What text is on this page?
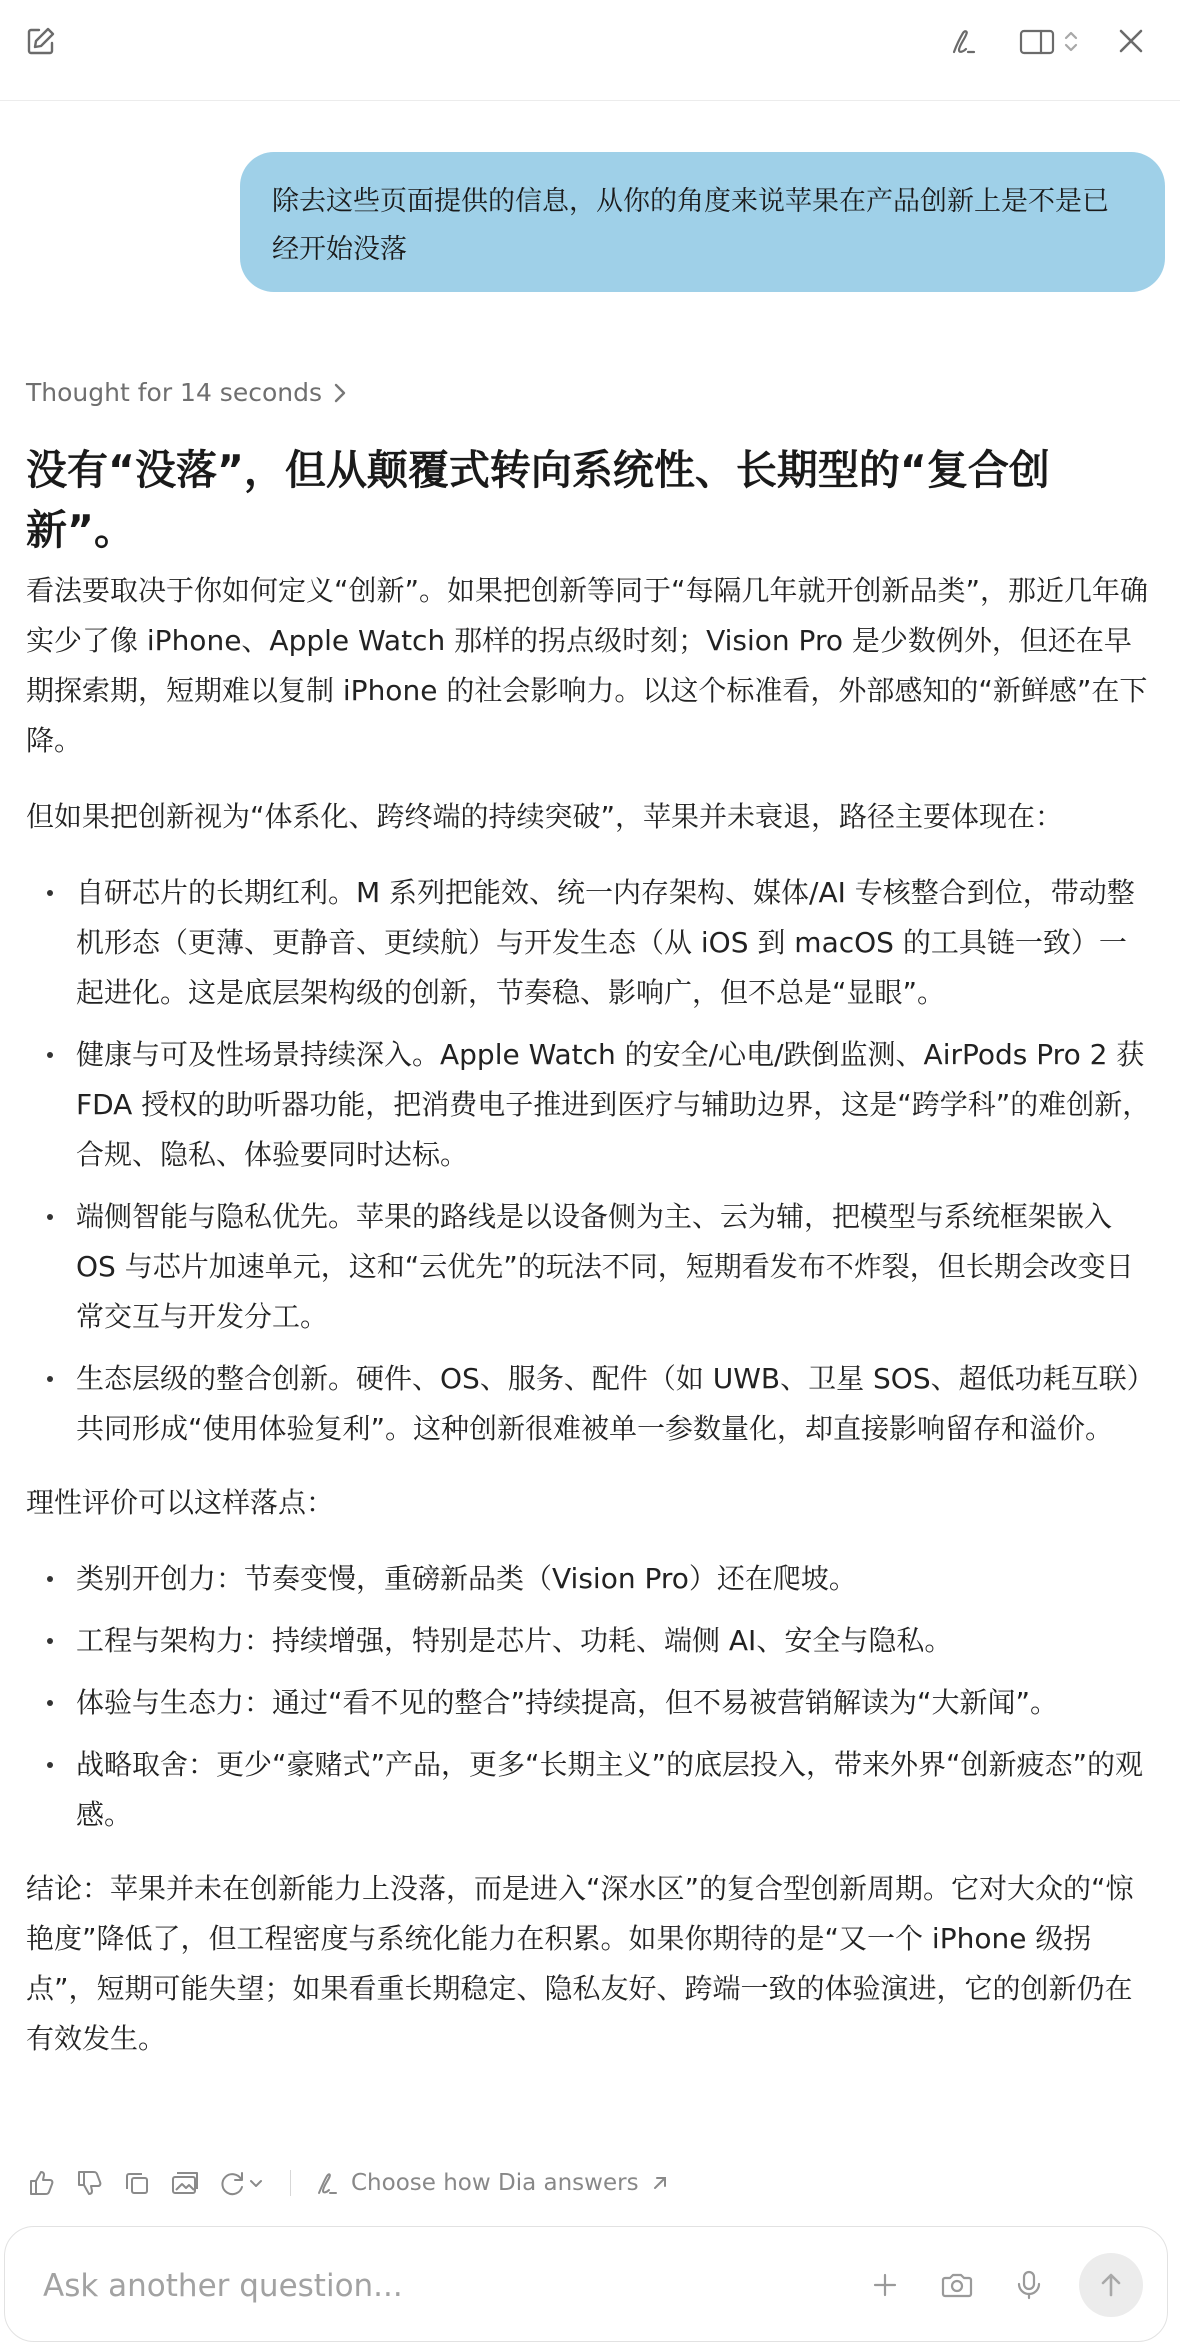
除去这些页面提供的信息，从你的角度来说苹果在产品创新上是不是已经开始没落
Thought for 14 seconds
没有“没落”，但从颠覆式转向系统性、长期型的“复合创新”。

看法要取决于你如何定义“创新”。如果把创新等同于“每隔几年就开创新品类”，那近几年确实少了像 iPhone、Apple Watch 那样的拐点级时刻；Vision Pro 是少数例外，但还在早期探索期，短期难以复制 iPhone 的社会影响力。以这个标准看，外部感知的“新鲜感”在下降。

但如果把创新视为“体系化、跨终端的持续突破”，苹果并未衰退，路径主要体现在：

自研芯片的长期红利。M 系列把能效、统一内存架构、媒体/AI 专核整合到位，带动整机形态（更薄、更静音、更续航）与开发生态（从 iOS 到 macOS 的工具链一致）一起进化。这是底层架构级的创新，节奏稳、影响广，但不总是“显眼”。
健康与可及性场景持续深入。Apple Watch 的安全/心电/跌倒监测、AirPods Pro 2 获 FDA 授权的助听器功能，把消费电子推进到医疗与辅助边界，这是“跨学科”的难创新，合规、隐私、体验要同时达标。
端侧智能与隐私优先。苹果的路线是以设备侧为主、云为辅，把模型与系统框架嵌入 OS 与芯片加速单元，这和“云优先”的玩法不同，短期看发布不炸裂，但长期会改变日常交互与开发分工。
生态层级的整合创新。硬件、OS、服务、配件（如 UWB、卫星 SOS、超低功耗互联）共同形成“使用体验复利”。这种创新很难被单一参数量化，却直接影响留存和溢价。

理性评价可以这样落点：

类别开创力：节奏变慢，重磅新品类（Vision Pro）还在爬坡。
工程与架构力：持续增强，特别是芯片、功耗、端侧 AI、安全与隐私。
体验与生态力：通过“看不见的整合”持续提高，但不易被营销解读为“大新闻”。
战略取舍：更少“豪赌式”产品，更多“长期主义”的底层投入，带来外界“创新疲态”的观感。

结论：苹果并未在创新能力上没落，而是进入“深水区”的复合型创新周期。它对大众的“惊艳度”降低了，但工程密度与系统化能力在积累。如果你期待的是“又一个 iPhone 级拐点”，短期可能失望；如果看重长期稳定、隐私友好、跨端一致的体验演进，它的创新仍在有效发生。

Choose how Dia answers
Ask another question...
